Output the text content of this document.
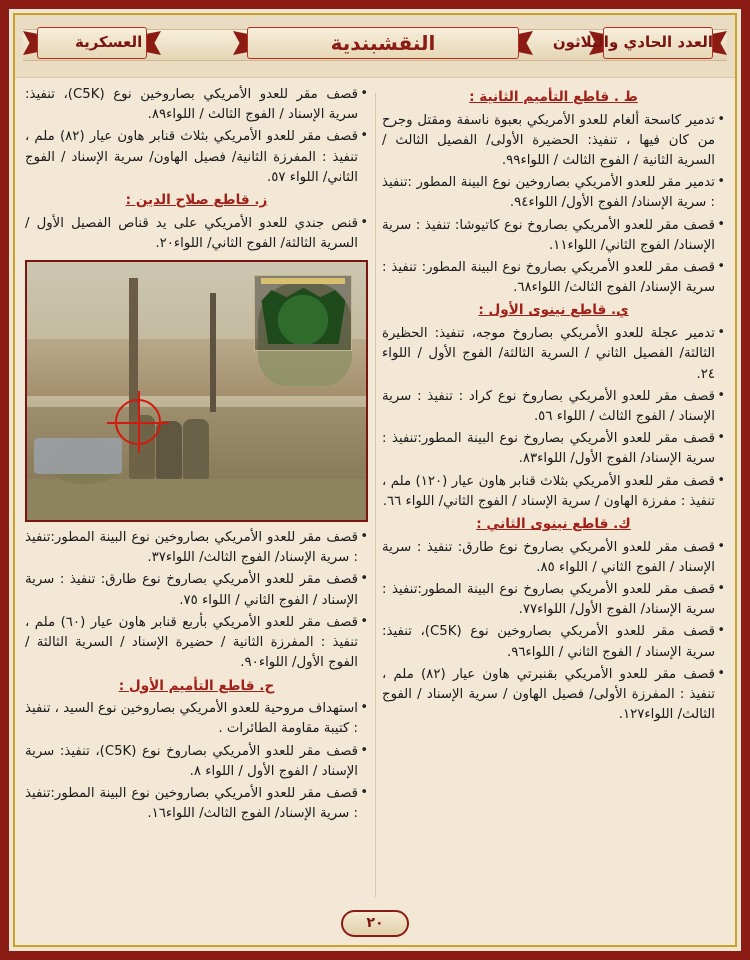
النقشبندية	العدد الحادي والثلاثون
العسكرية
ط . قاطع التأميم الثانية :

• تدمير كاسحة ألغام للعدو الأمريكي بعبوة ناسفة ومقتل وجرح من كان فيها ، تنفيذ: الحضيرة الأولى/ الفصيل الثالث / السرية الثانية / الفوج الثالث / اللواء٩٩.

• تدمير مقر للعدو الأمريكي بصاروخين نوع البينة المطور :تنفيذ : سرية الإسناد/ الفوج الأول/ اللواء٩٤.

• قصف مقر للعدو الأمريكي بصاروخ نوع كاتيوشا: تنفيذ : سرية الإسناد/ الفوج الثاني/ اللواء١١.

• قصف مقر للعدو الأمريكي بصاروخ نوع البينة المطور: تنفيذ : سرية الإسناد/ الفوج الثالث/ اللواء٦٨.

ي. قاطع نينوى الأول :

• تدمير عجلة للعدو الأمريكي بصاروخ موجه، تنفيذ: الحظيرة الثالثة/ الفصيل الثاني / السرية الثالثة/ الفوج الأول / اللواء ٢٤.

• قصف مقر للعدو الأمريكي بصاروخ نوع كراد : تنفيذ : سرية الإسناد / الفوج الثالث / اللواء ٥٦.

• قصف مقر للعدو الأمريكي بصاروخ نوع البينة المطور:تنفيذ : سرية الإسناد/ الفوج الأول/ اللواء٨٣.

• قصف مقر للعدو الأمريكي بثلاث قنابر هاون عيار (١٢٠) ملم ، تنفيذ : مفرزة الهاون / سرية الإسناد / الفوج الثاني/ اللواء ٦٦.

ك. قاطع نينوى الثاني :

• قصف مقر للعدو الأمريكي بصاروخ نوع طارق: تنفيذ : سرية الإسناد / الفوج الثاني / اللواء ٨٥.

• قصف مقر للعدو الأمريكي بصاروخ نوع البينة المطور:تنفيذ : سرية الإسناد/ الفوج الأول/ اللواء٧٧.

• قصف مقر للعدو الأمريكي بصاروخين نوع (C5K)، تنفيذ: سرية الإسناد / الفوج الثاني / اللواء٩٦.

• قصف مقر للعدو الأمريكي بقنبرتي هاون عيار (٨٢) ملم ، تنفيذ : المفرزة الأولى/ فصيل الهاون / سرية الإسناد / الفوج الثالث/ اللواء١٢٧.

• قصف مقر للعدو الأمريكي بصاروخين نوع (C5K)، تنفيذ: سرية الإسناد / الفوج الثالث / اللواء٨٩.

• قصف مقر للعدو الأمريكي بثلاث قنابر هاون عيار (٨٢) ملم ، تنفيذ : المفرزة الثانية/ فصيل الهاون/ سرية الإسناد / الفوج الثاني/ اللواء ٥٧.

ز. قاطع صلاح الدين :

• قنص جندي للعدو الأمريكي على يد قناص الفصيل الأول / السرية الثالثة/ الفوج الثاني/ اللواء٢٠.

• قصف مقر للعدو الأمريكي بصاروخين نوع البينة المطور:تنفيذ : سرية الإسناد/ الفوج الثالث/ اللواء٣٧.

• قصف مقر للعدو الأمريكي بصاروخ نوع طارق: تنفيذ : سرية الإسناد / الفوج الثاني / اللواء ٧٥.

• قصف مقر للعدو الأمريكي بأربع قنابر هاون عيار (٦٠) ملم ، تنفيذ : المفرزة الثانية / حضيرة الإسناد / السرية الثالثة / الفوج الأول/ اللواء٩٠.

ح. قاطع التأميم الأول :

• استهداف مروحية للعدو الأمريكي بصاروخين نوع السيد ، تنفيذ : كتيبة مقاومة الطائرات .

• قصف مقر للعدو الأمريكي بصاروخ نوع (C5K)، تنفيذ: سرية الإسناد / الفوج الأول / اللواء ٨.

• قصف مقر للعدو الأمريكي بصاروخين نوع البينة المطور:تنفيذ : سرية الإسناد/ الفوج الثالث/ اللواء١٦.

٢٠
